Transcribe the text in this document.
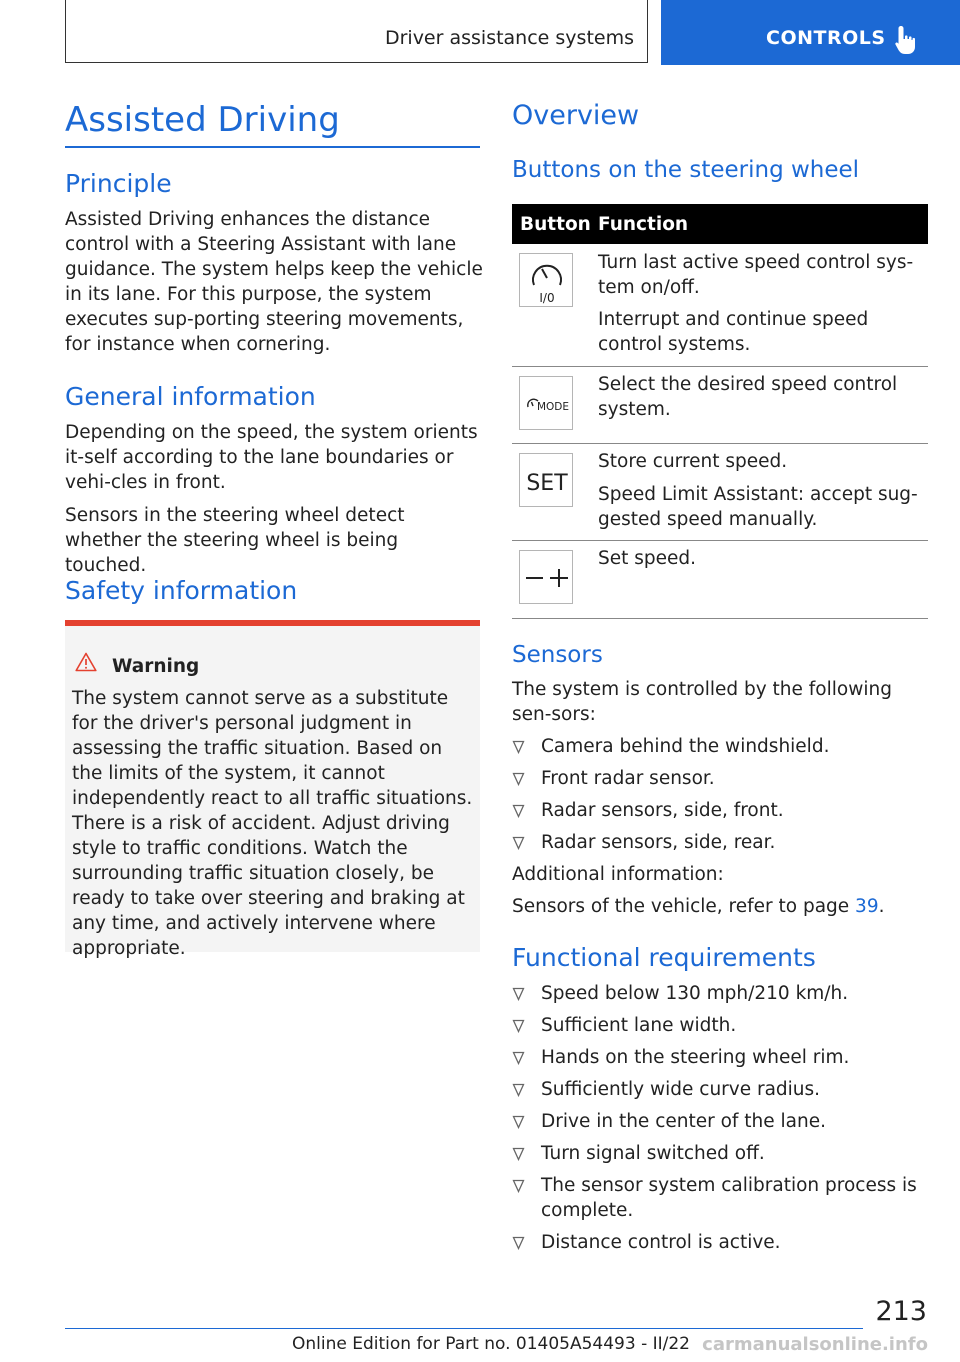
Driver assistance systems	CONTROLS
Assisted Driving
Principle

Assisted Driving enhances the distance control with a Steering Assistant with lane guidance. The system helps keep the vehicle in its lane. For this purpose, the system executes sup‐porting steering movements, for instance when cornering.

General information

Depending on the speed, the system orients it‐self according to the lane boundaries or vehi‐cles in front.

Sensors in the steering wheel detect whether the steering wheel is being touched.

Safety information
Warning

The system cannot serve as a substitute for the driver's personal judgment in assessing the traffic situation. Based on the limits of the system, it cannot independently react to all traffic situations. There is a risk of accident. Adjust driving style to traffic conditions. Watch the surrounding traffic situation closely, be ready to take over steering and braking at any time, and actively intervene where appropriate.

Overview
Buttons on the steering wheel
Button Function
I/0

Turn last active speed control sys‐tem on/off.

Interrupt and continue speed control systems.

MODE

Select the desired speed control system.

SET

Store current speed.

Speed Limit Assistant: accept sug‐gested speed manually.

Set speed.

Sensors

The system is controlled by the following sen‐sors:

Camera behind the windshield.
Front radar sensor.
Radar sensors, side, front.
Radar sensors, side, rear.

Additional information:

Sensors of the vehicle, refer to page 39.

Functional requirements
Speed below 130 mph/210 km/h.
Sufficient lane width.
Hands on the steering wheel rim.
Sufficiently wide curve radius.
Drive in the center of the lane.
Turn signal switched off.
The sensor system calibration process is complete.
Distance control is active.
213
Online Edition for Part no. 01405A54493 - II/22 carmanualsonline.info
